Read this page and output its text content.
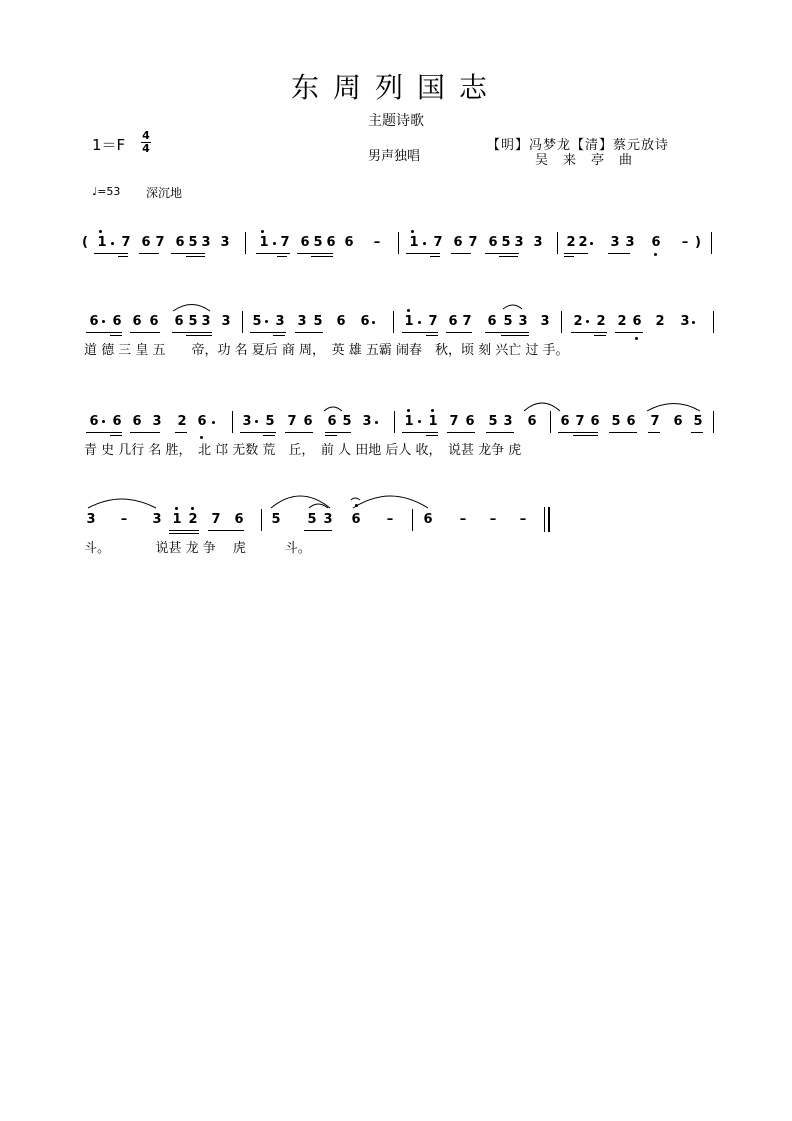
东周列国志
主题诗歌
1＝F
4
4
男声独唱
【明】冯梦龙【清】蔡元放诗
吴　来　亭　曲
♩=53 深沉地
( 1 7 6 7 6 5 3 3 1 7 6 5 6 6 – 1 7 6 7 6 5 3 3 2 2 3 3 6 – )
6 6 6 6 6 5 3 3 5 3 3 5 6 6	1 7 6 7 6 5 3 3 2 2 2 6 2 3
道 德 三 皇 五　　帝，功 名 夏后 商 周，　英 雄 五霸 闹春　秋，顷 刻 兴亡 过 手。
6 6 6 3 2 6	3 5 7 6 6 5 3	1 1 7 6 5 3 6 6 7 6 5 6 7 6 5
青 史 几行 名 胜，　北 邙 无数 荒　丘，　前 人 田地 后人 收，　说甚 龙争 虎
3 – 3 1 2 7 6 5 5 3 6 – 6 – – –
斗。　　　　说甚 龙 争　 虎　　　斗。
